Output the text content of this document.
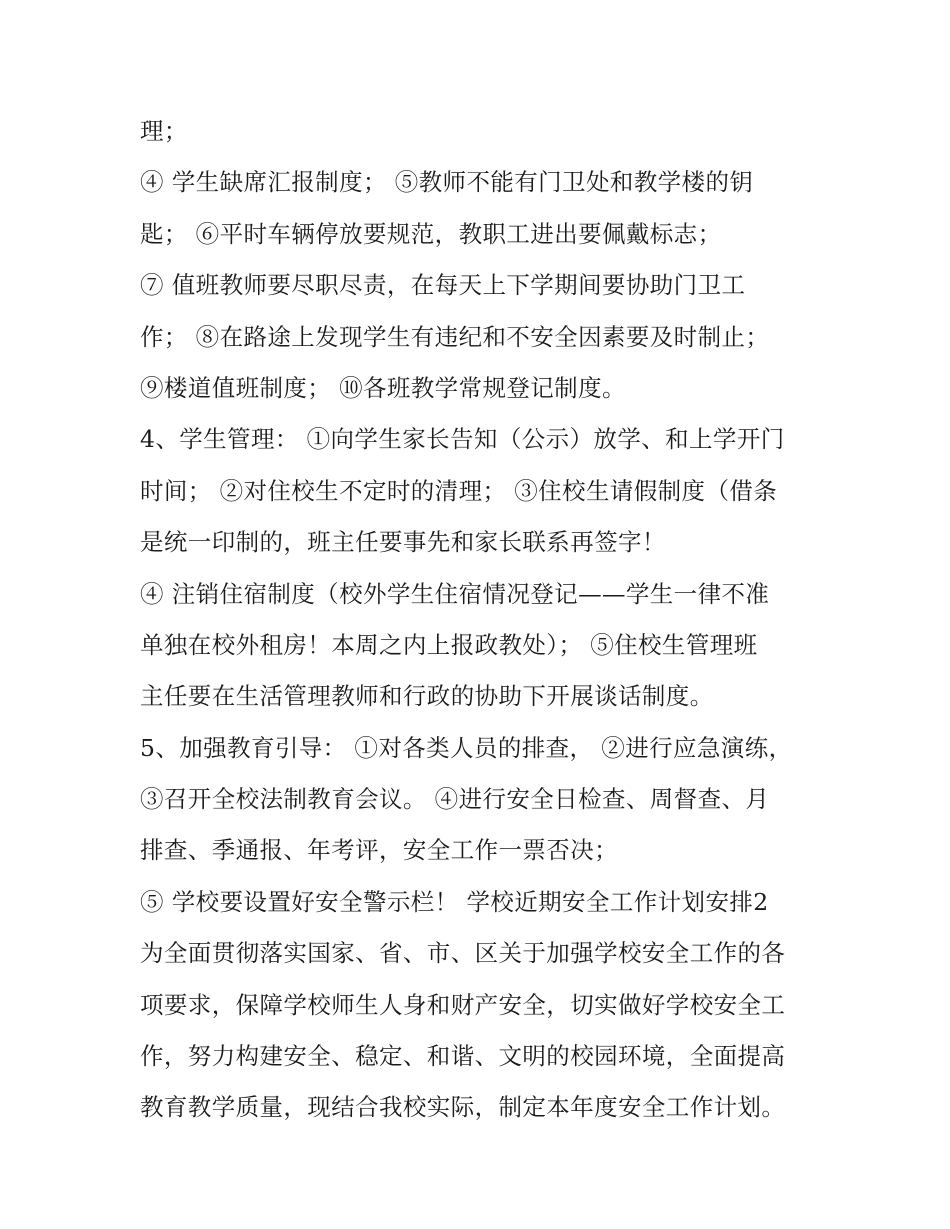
理；
④ 学生缺席汇报制度； ⑤教师不能有门卫处和教学楼的钥
匙； ⑥平时车辆停放要规范，教职工进出要佩戴标志；
⑦ 值班教师要尽职尽责，在每天上下学期间要协助门卫工
作； ⑧在路途上发现学生有违纪和不安全因素要及时制止；
⑨楼道值班制度； ⑩各班教学常规登记制度。
4、学生管理： ①向学生家长告知（公示）放学、和上学开门
时间； ②对住校生不定时的清理； ③住校生请假制度（借条
是统一印制的，班主任要事先和家长联系再签字！
④ 注销住宿制度（校外学生住宿情况登记——学生一律不准
单独在校外租房！本周之内上报政教处）； ⑤住校生管理班
主任要在生活管理教师和行政的协助下开展谈话制度。
5、加强教育引导： ①对各类人员的排查， ②进行应急演练，
③召开全校法制教育会议。 ④进行安全日检查、周督查、月
排查、季通报、年考评，安全工作一票否决；
⑤ 学校要设置好安全警示栏！ 学校近期安全工作计划安排2
为全面贯彻落实国家、省、市、区关于加强学校安全工作的各
项要求，保障学校师生人身和财产安全，切实做好学校安全工
作，努力构建安全、稳定、和谐、文明的校园环境，全面提高
教育教学质量，现结合我校实际，制定本年度安全工作计划。
